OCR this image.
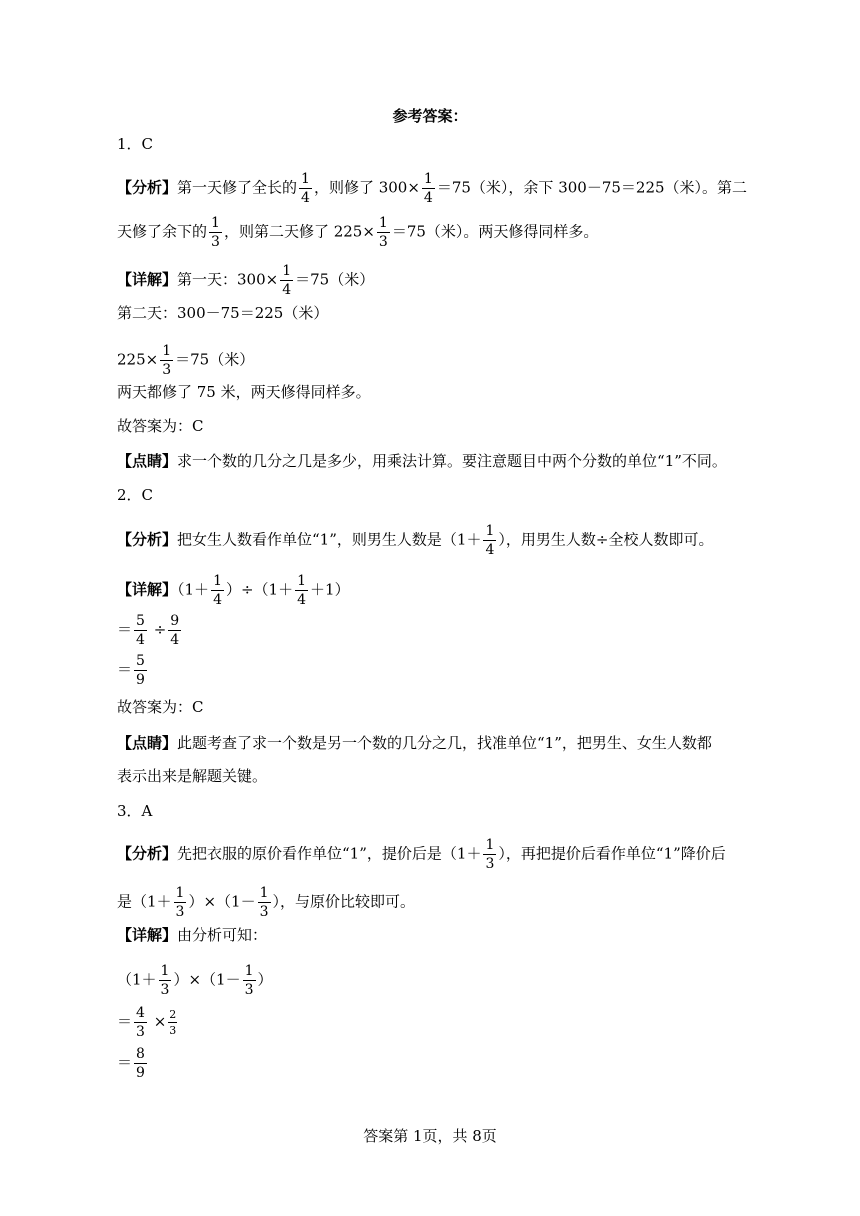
参考答案：
1．C
【分析】第一天修了全长的 $\frac{1}{4}$ ，则修了 $300\times \frac{1}{4} =75$（米），余下 300－75＝225（米）。第二
天修了余下的 $\frac{1}{3}$ ，则第二天修了 $225\times \frac{1}{3} =75$（米）。两天修得同样多。
【详解】第一天：$300\times \frac{1}{4} =75$（米）
第二天：300－75＝225（米）
$225\times \frac{1}{3} =75$（米）
两天都修了 75 米，两天修得同样多。
故答案为：C
【点睛】求一个数的几分之几是多少，用乘法计算。要注意题目中两个分数的单位“1”不同。
2．C
【分析】把女生人数看作单位“1”，则男生人数是（$1+ \frac{1}{4}$ ），用男生人数÷全校人数即可。
【详解】$(1+ \frac{1}{4} )\div(1+ \frac{1}{4} +1)$
＝ $\frac{5}{4} \div \frac{9}{4}$
＝ $\frac{5}{9}$
故答案为：C
【点睛】此题考查了求一个数是另一个数的几分之几，找准单位“1”，把男生、女生人数都
表示出来是解题关键。
3．A
【分析】先把衣服的原价看作单位“1”，提价后是（$1+ \frac{1}{3}$ ），再把提价后看作单位“1”降价后
是$(1+ \frac{1}{3} )\times(1- \frac{1}{3}$ ），与原价比较即可。
【详解】由分析可知：
$(1+ \frac{1}{3} )\times(1- \frac{1}{3}$ ）
＝ $\frac{4}{3} \times \frac{2}{3}$
＝ $\frac{8}{9}$
答案第 1页，共 8页
